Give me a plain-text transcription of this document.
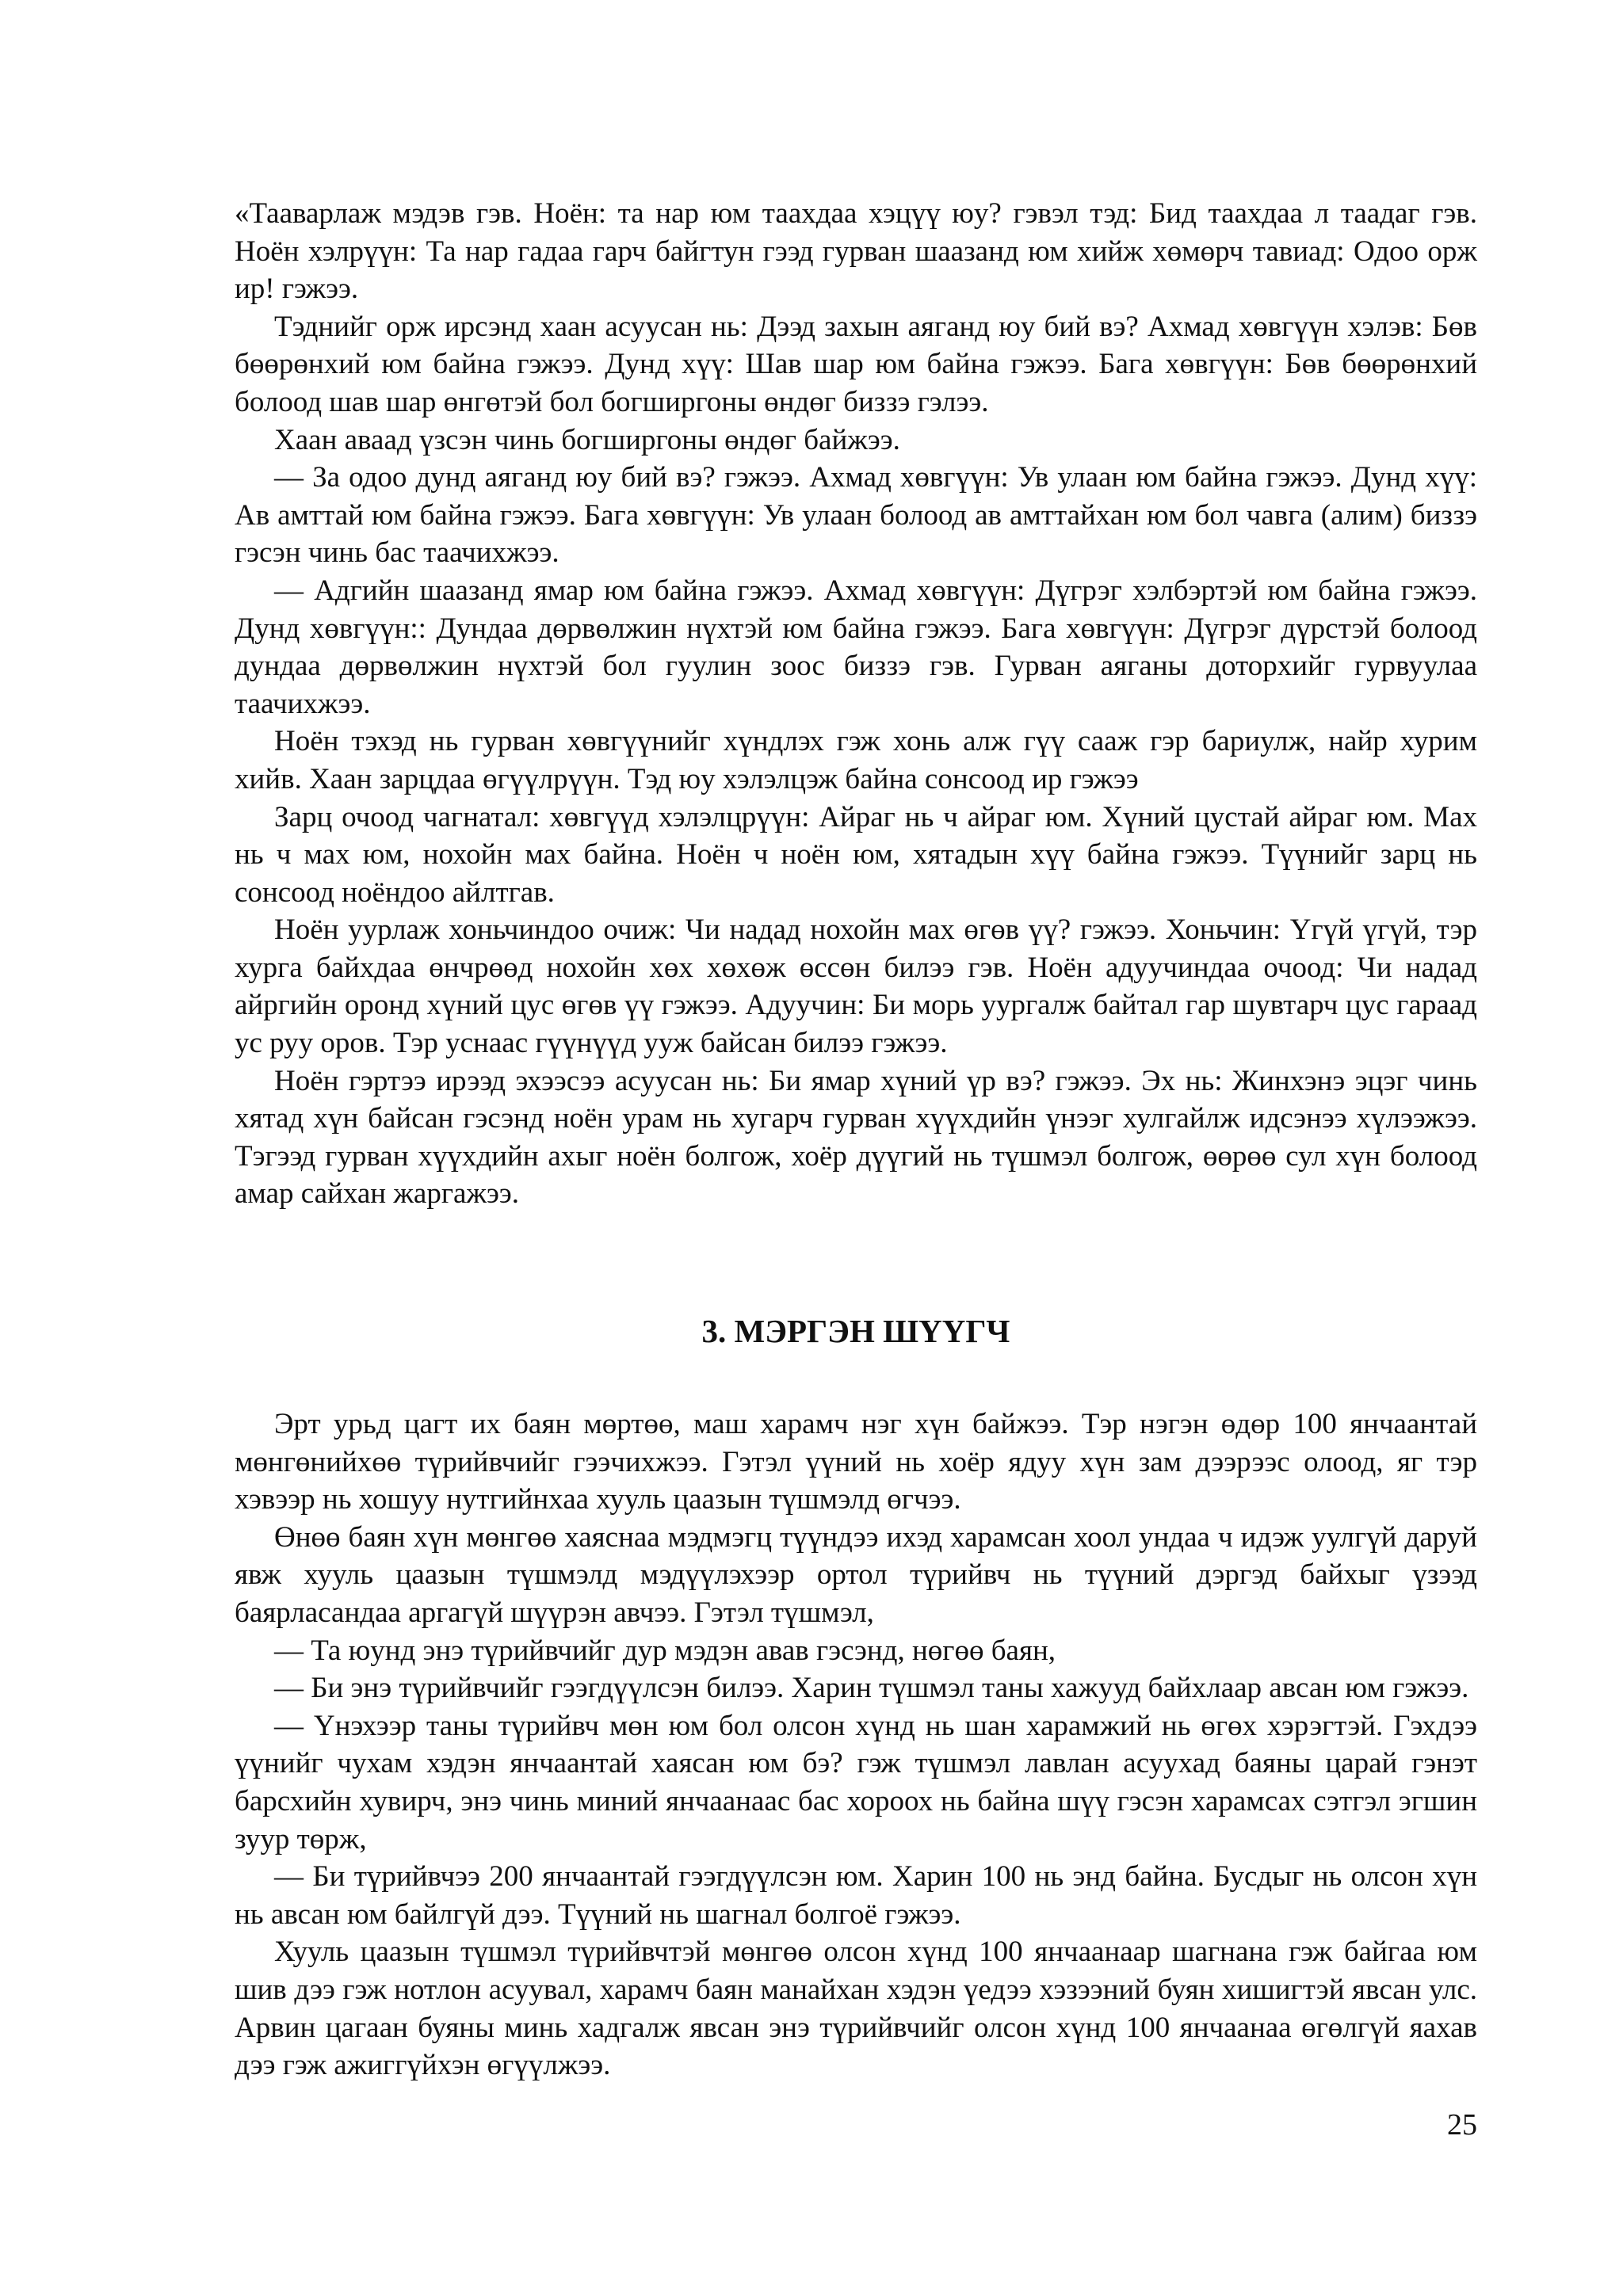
«Тааварлаж мэдэв гэв. Ноён: та нар юм таахдаа хэцүү юу? гэвэл тэд: Бид таахдаа л таадаг гэв. Ноён хэлрүүн: Та нар гадаа гарч байгтун гээд гурван шаазанд юм хийж хөмөрч тавиад: Одоо орж ир! гэжээ.

Тэднийг орж ирсэнд хаан асуусан нь: Дээд захын аяганд юу бий вэ? Ахмад хөвгүүн хэлэв: Бөв бөөрөнхий юм байна гэжээ. Дунд хүү: Шав шар юм байна гэжээ. Бага хөвгүүн: Бөв бөөрөнхий болоод шав шар өнгөтэй бол богширгоны өндөг биззэ гэлээ.

Хаан аваад үзсэн чинь богширгоны өндөг байжээ.

— За одоо дунд аяганд юу бий вэ? гэжээ. Ахмад хөвгүүн: Ув улаан юм байна гэжээ. Дунд хүү: Ав амттай юм байна гэжээ. Бага хөвгүүн: Ув улаан болоод ав амттайхан юм бол чавга (алим) биззэ гэсэн чинь бас таачихжээ.

— Адгийн шаазанд ямар юм байна гэжээ. Ахмад хөвгүүн: Дүгрэг хэлбэртэй юм байна гэжээ. Дунд хөвгүүн:: Дундаа дөрвөлжин нүхтэй юм байна гэжээ. Бага хөвгүүн: Дүгрэг дүрстэй болоод дундаа дөрвөлжин нүхтэй бол гуулин зоос биззэ гэв. Гурван аяганы доторхийг гурвуулаа таачихжээ.

Ноён тэхэд нь гурван хөвгүүнийг хүндлэх гэж хонь алж гүү сааж гэр бариулж, найр хурим хийв. Хаан зарцдаа өгүүлрүүн. Тэд юу хэлэлцэж байна сонсоод ир гэжээ

Зарц очоод чагнатал: хөвгүүд хэлэлцрүүн: Айраг нь ч айраг юм. Хүний цустай айраг юм. Мах нь ч мах юм, нохойн мах байна. Ноён ч ноён юм, хятадын хүү байна гэжээ. Түүнийг зарц нь сонсоод ноёндоо айлтгав.

Ноён уурлаж хоньчиндоо очиж: Чи надад нохойн мах өгөв үү? гэжээ. Хоньчин: Үгүй үгүй, тэр хурга байхдаа өнчрөөд нохойн хөх хөхөж өссөн билээ гэв. Ноён адуучиндаа очоод: Чи надад айргийн оронд хүний цус өгөв үү гэжээ. Адуучин: Би морь уургалж байтал гар шувтарч цус гараад ус руу оров. Тэр уснаас гүүнүүд ууж байсан билээ гэжээ.

Ноён гэртээ ирээд эхээсээ асуусан нь: Би ямар хүний үр вэ? гэжээ. Эх нь: Жинхэнэ эцэг чинь хятад хүн байсан гэсэнд ноён урам нь хугарч гурван хүүхдийн үнээг хулгайлж идсэнээ хүлээжээ. Тэгээд гурван хүүхдийн ахыг ноён болгож, хоёр дүүгий нь түшмэл болгож, өөрөө сул хүн болоод амар сайхан жаргажээ.

3. МЭРГЭН ШҮҮГЧ

Эрт урьд цагт их баян мөртөө, маш харамч нэг хүн байжээ. Тэр нэгэн өдөр 100 янчаантай мөнгөнийхөө түрийвчийг гээчихжээ. Гэтэл үүний нь хоёр ядуу хүн зам дээрээс олоод, яг тэр хэвээр нь хошуу нутгийнхаа хууль цаазын түшмэлд өгчээ.

Өнөө баян хүн мөнгөө хаяснаа мэдмэгц түүндээ ихэд харамсан хоол ундаа ч идэж уулгүй даруй явж хууль цаазын түшмэлд мэдүүлэхээр ортол түрийвч нь түүний дэргэд байхыг үзээд баярласандаа аргагүй шүүрэн авчээ. Гэтэл түшмэл,

— Та юунд энэ түрийвчийг дур мэдэн авав гэсэнд, нөгөө баян,

— Би энэ түрийвчийг гээгдүүлсэн билээ. Харин түшмэл таны хажууд байхлаар авсан юм гэжээ.

— Үнэхээр таны түрийвч мөн юм бол олсон хүнд нь шан харамжий нь өгөх хэрэгтэй. Гэхдээ үүнийг чухам хэдэн янчаантай хаясан юм бэ? гэж түшмэл лавлан асуухад баяны царай гэнэт барсхийн хувирч, энэ чинь миний янчаанаас бас хороох нь байна шүү гэсэн харамсах сэтгэл эгшин зуур төрж,

— Би түрийвчээ 200 янчаантай гээгдүүлсэн юм. Харин 100 нь энд байна. Бусдыг нь олсон хүн нь авсан юм байлгүй дээ. Түүний нь шагнал болгоё гэжээ.

Хууль цаазын түшмэл түрийвчтэй мөнгөө олсон хүнд 100 янчаанаар шагнана гэж байгаа юм шив дээ гэж нотлон асуувал, харамч баян манайхан хэдэн үедээ хэзээний буян хишигтэй явсан улс. Арвин цагаан буяны минь хадгалж явсан энэ түрийвчийг олсон хүнд 100 янчаанаа өгөлгүй яахав дээ гэж ажиггүйхэн өгүүлжээ.

25
